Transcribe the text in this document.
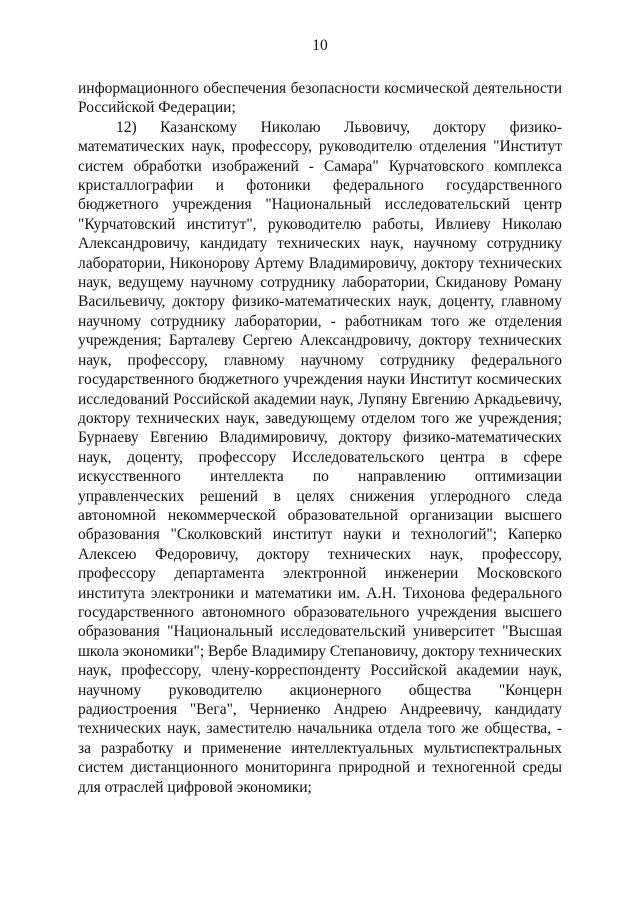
10

информационного обеспечения безопасности космической деятельности Российской Федерации;

12) Казанскому Николаю Львовичу, доктору физико-математических наук, профессору, руководителю отделения "Институт систем обработки изображений - Самара" Курчатовского комплекса кристаллографии и фотоники федерального государственного бюджетного учреждения "Национальный исследовательский центр "Курчатовский институт", руководителю работы, Ивлиеву Николаю Александровичу, кандидату технических наук, научному сотруднику лаборатории, Никонорову Артему Владимировичу, доктору технических наук, ведущему научному сотруднику лаборатории, Скиданову Роману Васильевичу, доктору физико-математических наук, доценту, главному научному сотруднику лаборатории, - работникам того же отделения учреждения; Барталеву Сергею Александровичу, доктору технических наук, профессору, главному научному сотруднику федерального государственного бюджетного учреждения науки Институт космических исследований Российской академии наук, Лупяну Евгению Аркадьевичу, доктору технических наук, заведующему отделом того же учреждения; Бурнаеву Евгению Владимировичу, доктору физико-математических наук, доценту, профессору Исследовательского центра в сфере искусственного интеллекта по направлению оптимизации управленческих решений в целях снижения углеродного следа автономной некоммерческой образовательной организации высшего образования "Сколковский институт науки и технологий"; Каперко Алексею Федоровичу, доктору технических наук, профессору, профессору департамента электронной инженерии Московского института электроники и математики им. А.Н. Тихонова федерального государственного автономного образовательного учреждения высшего образования "Национальный исследовательский университет "Высшая школа экономики"; Вербе Владимиру Степановичу, доктору технических наук, профессору, члену-корреспонденту Российской академии наук, научному руководителю акционерного общества "Концерн радиостроения "Вега", Черниенко Андрею Андреевичу, кандидату технических наук, заместителю начальника отдела того же общества, - за разработку и применение интеллектуальных мультиспектральных систем дистанционного мониторинга природной и техногенной среды для отраслей цифровой экономики;
